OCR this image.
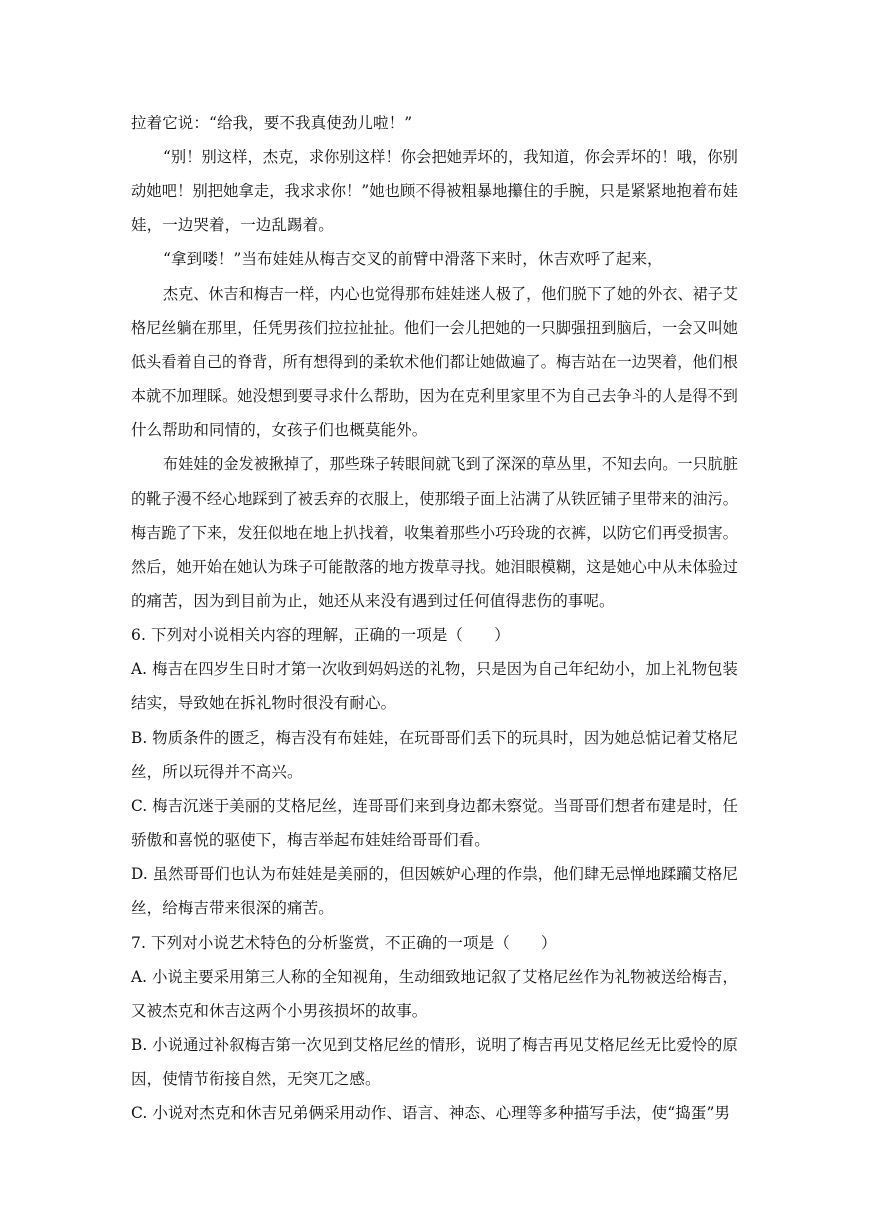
拉着它说：“给我，要不我真使劲儿啦！”
“别！别这样，杰克，求你别这样！你会把她弄坏的，我知道，你会弄坏的！哦，你别
动她吧！别把她拿走，我求求你！”她也顾不得被粗暴地攥住的手腕，只是紧紧地抱着布娃
娃，一边哭着，一边乱踢着。
“拿到喽！”当布娃娃从梅吉交叉的前臂中滑落下来时，休吉欢呼了起来，
杰克、休吉和梅吉一样，内心也觉得那布娃娃迷人极了，他们脱下了她的外衣、裙子艾
格尼丝躺在那里，任凭男孩们拉拉扯扯。他们一会儿把她的一只脚强扭到脑后，一会又叫她
低头看着自己的脊背，所有想得到的柔软术他们都让她做遍了。梅吉站在一边哭着，他们根
本就不加理睬。她没想到要寻求什么帮助，因为在克利里家里不为自己去争斗的人是得不到
什么帮助和同情的，女孩子们也概莫能外。
布娃娃的金发被揪掉了，那些珠子转眼间就飞到了深深的草丛里，不知去向。一只肮脏
的靴子漫不经心地踩到了被丢弃的衣服上，使那缎子面上沾满了从铁匠铺子里带来的油污。
梅吉跪了下来，发狂似地在地上扒找着，收集着那些小巧玲珑的衣裤，以防它们再受损害。
然后，她开始在她认为珠子可能散落的地方拨草寻找。她泪眼模糊，这是她心中从未体验过
的痛苦，因为到目前为止，她还从来没有遇到过任何值得悲伤的事呢。
6. 下列对小说相关内容的理解，正确的一项是（　　）
A. 梅吉在四岁生日时才第一次收到妈妈送的礼物，只是因为自己年纪幼小，加上礼物包装
结实，导致她在拆礼物时很没有耐心。
B. 物质条件的匮乏，梅吉没有布娃娃，在玩哥哥们丢下的玩具时，因为她总惦记着艾格尼
丝，所以玩得并不高兴。
C. 梅吉沉迷于美丽的艾格尼丝，连哥哥们来到身边都未察觉。当哥哥们想者布建是时，任
骄傲和喜悦的驱使下，梅吉举起布娃娃给哥哥们看。
D. 虽然哥哥们也认为布娃娃是美丽的，但因嫉妒心理的作祟，他们肆无忌惮地蹂躏艾格尼
丝，给梅吉带来很深的痛苦。
7. 下列对小说艺术特色的分析鉴赏，不正确的一项是（　　）
A. 小说主要采用第三人称的全知视角，生动细致地记叙了艾格尼丝作为礼物被送给梅吉，
又被杰克和休吉这两个小男孩损坏的故事。
B. 小说通过补叙梅吉第一次见到艾格尼丝的情形，说明了梅吉再见艾格尼丝无比爱怜的原
因，使情节衔接自然，无突兀之感。
C. 小说对杰克和休吉兄弟俩采用动作、语言、神态、心理等多种描写手法，使“捣蛋”男
